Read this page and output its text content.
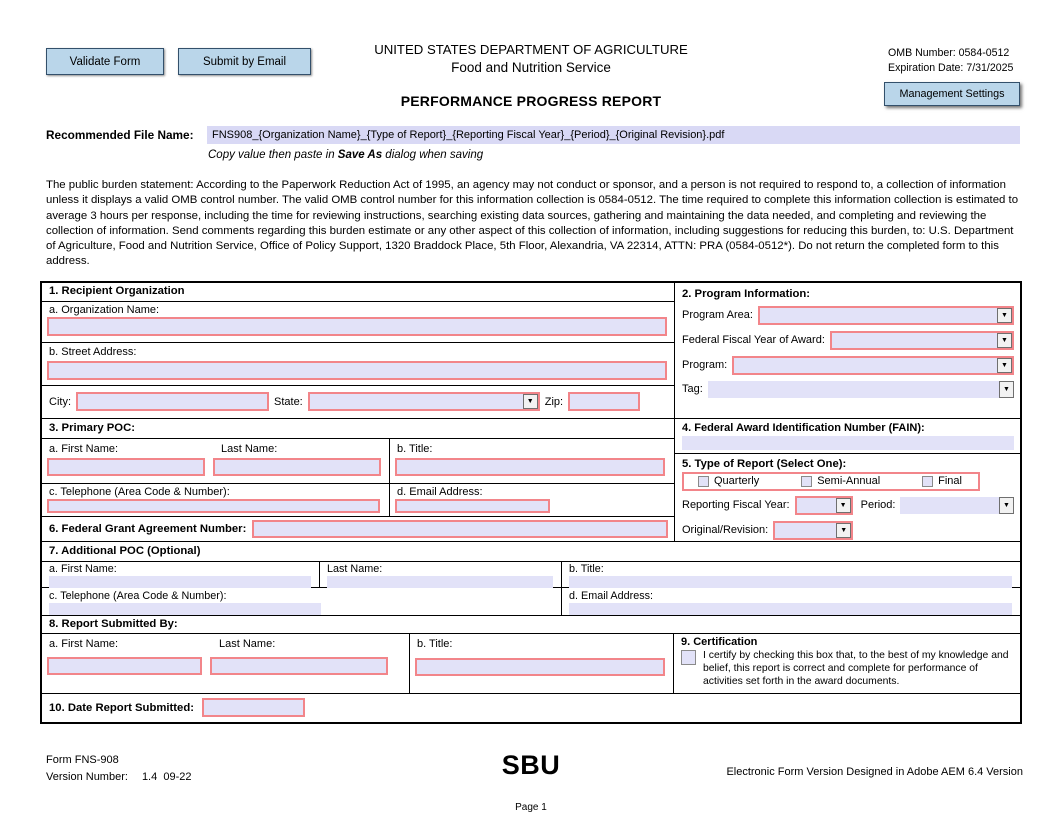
Validate Form	Submit by Email
UNITED STATES DEPARTMENT OF AGRICULTURE
Food and Nutrition Service
OMB Number: 0584-0512
Expiration Date: 7/31/2025
PERFORMANCE PROGRESS REPORT	Management Settings
Recommended File Name:	FNS908_{Organization Name}_{Type of Report}_{Reporting Fiscal Year}_{Period}_{Original Revision}.pdf
Copy value then paste in Save As dialog when saving

The public burden statement: According to the Paperwork Reduction Act of 1995, an agency may not conduct or sponsor, and a person is not required to respond to, a collection of information unless it displays a valid OMB control number. The valid OMB control number for this information collection is 0584-0512. The time required to complete this information collection is estimated to average 3 hours per response, including the time for reviewing instructions, searching existing data sources, gathering and maintaining the data needed, and completing and reviewing the collection of information. Send comments regarding this burden estimate or any other aspect of this collection of information, including suggestions for reducing this burden, to: U.S. Department of Agriculture, Food and Nutrition Service, Office of Policy Support, 1320 Braddock Place, 5th Floor, Alexandria, VA 22314, ATTN: PRA (0584-0512*). Do not return the completed form to this address.

1. Recipient Organization
a. Organization Name:
b. Street Address:
City:	State:	▼	Zip:
3. Primary POC:
a. First Name:	Last Name:	b. Title:
c. Telephone (Area Code & Number):	d. Email Address:
6. Federal Grant Agreement Number:
2. Program Information:
Program Area:	▼
Federal Fiscal Year of Award:	▼
Program:	▼
Tag:	▼
4. Federal Award Identification Number (FAIN):
5. Type of Report (Select One):
Quarterly	Semi-Annual	Final
Reporting Fiscal Year:	▼	Period:	▼
Original/Revision:	▼
7. Additional POC (Optional)
a. First Name:	Last Name:	b. Title:
c. Telephone (Area Code & Number):	d. Email Address:
8. Report Submitted By:
a. First Name:	Last Name:	b. Title:	9. Certification
I certify by checking this box that, to the best of my knowledge and belief, this report is correct and complete for performance of activities set forth in the award documents.
10. Date Report Submitted:
Form FNS-908
Version Number: 1.4  09-22	SBU	Electronic Form Version Designed in Adobe AEM 6.4 Version
Page 1
